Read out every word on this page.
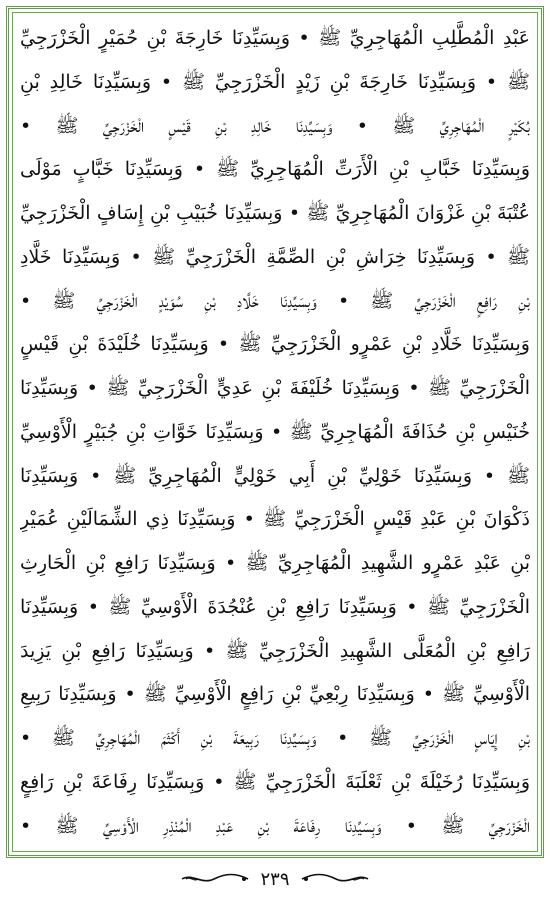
عَبْدِ الْمُطَّلِبِ الْمُهَاجِرِيِّ ﷺ • وَبِسَيِّدِنَا خَارِجَةَ بْنِ حُمَيْرٍ الْخَزْرَجِيِّ
ﷺ • وَبِسَيِّدِنَا خَارِجَةَ بْنِ زَيْدٍ الْخَزْرَجِيِّ ﷺ • وَبِسَيِّدِنَا خَالِدِ بْنِ
بُكَيْرٍ الْمُهَاجِرِيِّ ﷺ • وَبِسَيِّدِنَا خَالِدِ بْنِ قَيْسٍ الْخَزْرَجِيِّ ﷺ •
وَبِسَيِّدِنَا خَبَّابِ بْنِ الْأَرَتِّ الْمُهَاجِرِيِّ ﷺ • وَبِسَيِّدِنَا خَبَّابٍ مَوْلَى
عُتْبَةَ بْنِ غَزْوَانَ الْمُهَاجِرِيِّ ﷺ • وَبِسَيِّدِنَا خُبَيْبِ بْنِ إِسَافٍ الْخَزْرَجِيِّ
ﷺ • وَبِسَيِّدِنَا خِرَاشِ بْنِ الصِّمَّةِ الْخَزْرَجِيِّ ﷺ • وَبِسَيِّدِنَا خَلَّادِ
بْنِ رَافِعٍ الْخَزْرَجِيِّ ﷺ • وَبِسَيِّدِنَا خَلَّادِ بْنِ سُوَيْدٍ الْخَزْرَجِيِّ ﷺ •
وَبِسَيِّدِنَا خَلَّادِ بْنِ عَمْرٍو الْخَزْرَجِيِّ ﷺ • وَبِسَيِّدِنَا خُلَيْدَةَ بْنِ قَيْسٍ
الْخَزْرَجِيِّ ﷺ • وَبِسَيِّدِنَا خُلَيْفَةَ بْنِ عَدِيٍّ الْخَزْرَجِيِّ ﷺ • وَبِسَيِّدِنَا
خُنَيْسِ بْنِ حُذَافَةَ الْمُهَاجِرِيِّ ﷺ • وَبِسَيِّدِنَا خَوَّاتِ بْنِ جُبَيْرٍ الْأَوْسِيِّ
ﷺ • وَبِسَيِّدِنَا خَوْلِيِّ بْنِ أَبِي خَوْلِيٍّ الْمُهَاجِرِيِّ ﷺ • وَبِسَيِّدِنَا
ذَكْوَانَ بْنِ عَبْدِ قَيْسٍ الْخَزْرَجِيِّ ﷺ • وَبِسَيِّدِنَا ذِي الشِّمَالَيْنِ عُمَيْرِ
بْنِ عَبْدِ عَمْرٍو الشَّهِيدِ الْمُهَاجِرِيِّ ﷺ • وَبِسَيِّدِنَا رَافِعِ بْنِ الْحَارِثِ
الْخَزْرَجِيِّ ﷺ • وَبِسَيِّدِنَا رَافِعِ بْنِ عُنْجُدَةَ الْأَوْسِيِّ ﷺ • وَبِسَيِّدِنَا
رَافِعِ بْنِ الْمُعَلَّى الشَّهِيدِ الْخَزْرَجِيِّ ﷺ • وَبِسَيِّدِنَا رَافِعِ بْنِ يَزِيدَ
الْأَوْسِيِّ ﷺ • وَبِسَيِّدِنَا رِبْعِيِّ بْنِ رَافِعٍ الْأَوْسِيِّ ﷺ • وَبِسَيِّدِنَا رَبِيعِ
بْنِ إِيَاسٍ الْخَزْرَجِيِّ ﷺ • وَبِسَيِّدِنَا رَبِيعَةَ بْنِ أَكْثَمَ الْمُهَاجِرِيِّ ﷺ •
وَبِسَيِّدِنَا رُخَيْلَةَ بْنِ ثَعْلَبَةَ الْخَزْرَجِيِّ ﷺ • وَبِسَيِّدِنَا رِفَاعَةَ بْنِ رَافِعٍ
الْخَزْرَجِيِّ ﷺ • وَبِسَيِّدِنَا رِفَاعَةَ بْنِ عَبْدِ الْمُنْذِرِ الْأَوْسِيِّ ﷺ •
٢٣٩
